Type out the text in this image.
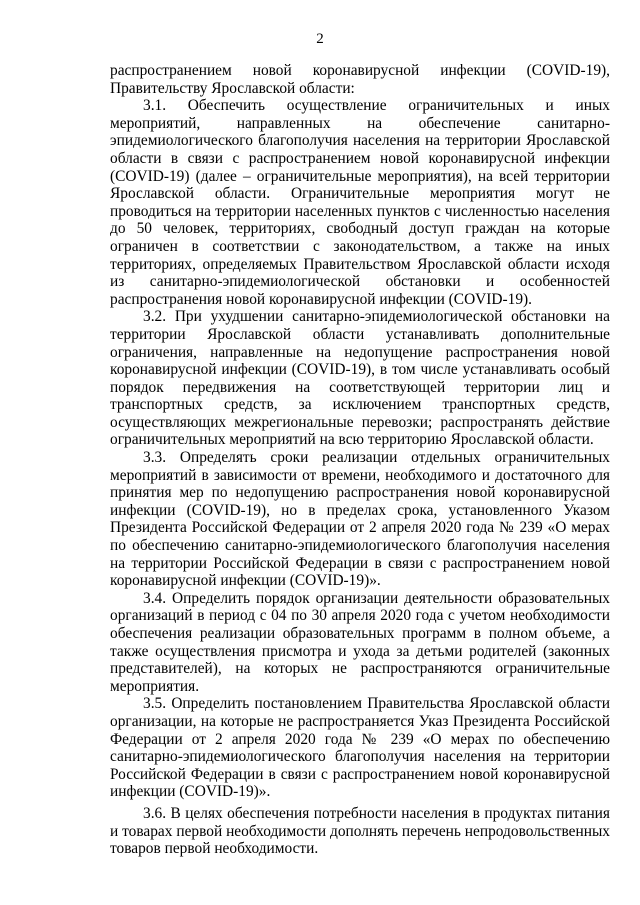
2

распространением новой коронавирусной инфекции (COVID-19), Правительству Ярославской области:

3.1. Обеспечить осуществление ограничительных и иных мероприятий, направленных на обеспечение санитарно-эпидемиологического благополучия населения на территории Ярославской области в связи с распространением новой коронавирусной инфекции (COVID-19) (далее – ограничительные мероприятия), на всей территории Ярославской области. Ограничительные мероприятия могут не проводиться на территории населенных пунктов с численностью населения до 50 человек, территориях, свободный доступ граждан на которые ограничен в соответствии с законодательством, а также на иных территориях, определяемых Правительством Ярославской области исходя из санитарно-эпидемиологической обстановки и особенностей распространения новой коронавирусной инфекции (COVID-19).

3.2. При ухудшении санитарно-эпидемиологической обстановки на территории Ярославской области устанавливать дополнительные ограничения, направленные на недопущение распространения новой коронавирусной инфекции (COVID-19), в том числе устанавливать особый порядок передвижения на соответствующей территории лиц и транспортных средств, за исключением транспортных средств, осуществляющих межрегиональные перевозки; распространять действие ограничительных мероприятий на всю территорию Ярославской области.

3.3. Определять сроки реализации отдельных ограничительных мероприятий в зависимости от времени, необходимого и достаточного для принятия мер по недопущению распространения новой коронавирусной инфекции (COVID-19), но в пределах срока, установленного Указом Президента Российской Федерации от 2 апреля 2020 года № 239 «О мерах по обеспечению санитарно-эпидемиологического благополучия населения на территории Российской Федерации в связи с распространением новой коронавирусной инфекции (COVID-19)».

3.4. Определить порядок организации деятельности образовательных организаций в период с 04 по 30 апреля 2020 года с учетом необходимости обеспечения реализации образовательных программ в полном объеме, а также осуществления присмотра и ухода за детьми родителей (законных представителей), на которых не распространяются ограничительные мероприятия.

3.5. Определить постановлением Правительства Ярославской области организации, на которые не распространяется Указ Президента Российской Федерации от 2 апреля 2020 года № 239 «О мерах по обеспечению санитарно-эпидемиологического благополучия населения на территории Российской Федерации в связи с распространением новой коронавирусной инфекции (COVID-19)».

3.6. В целях обеспечения потребности населения в продуктах питания и товарах первой необходимости дополнять перечень непродовольственных товаров первой необходимости.
